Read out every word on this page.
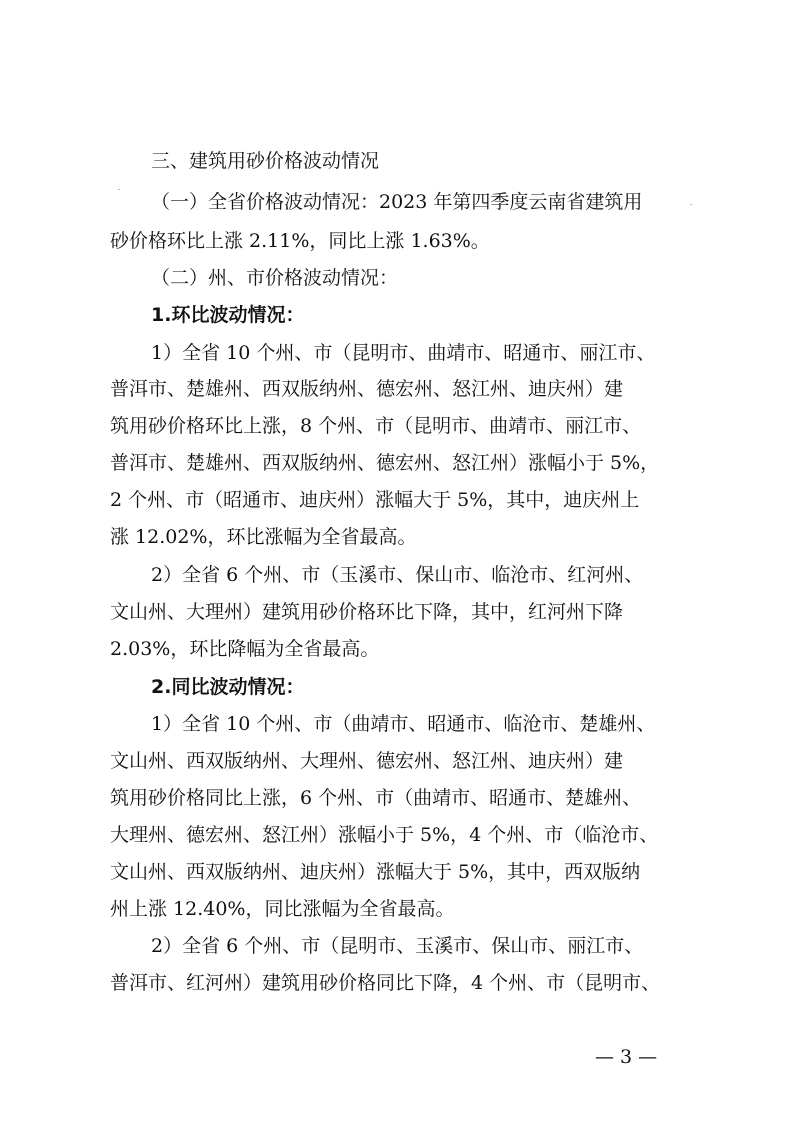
三、建筑用砂价格波动情况
（一）全省价格波动情况：2023 年第四季度云南省建筑用
砂价格环比上涨 2.11%，同比上涨 1.63%。
（二）州、市价格波动情况：
1.环比波动情况：
1）全省 10 个州、市（昆明市、曲靖市、昭通市、丽江市、
普洱市、楚雄州、西双版纳州、德宏州、怒江州、迪庆州）建
筑用砂价格环比上涨，8 个州、市（昆明市、曲靖市、丽江市、
普洱市、楚雄州、西双版纳州、德宏州、怒江州）涨幅小于 5%，
2 个州、市（昭通市、迪庆州）涨幅大于 5%，其中，迪庆州上
涨 12.02%，环比涨幅为全省最高。
2）全省 6 个州、市（玉溪市、保山市、临沧市、红河州、
文山州、大理州）建筑用砂价格环比下降，其中，红河州下降
2.03%，环比降幅为全省最高。
2.同比波动情况：
1）全省 10 个州、市（曲靖市、昭通市、临沧市、楚雄州、
文山州、西双版纳州、大理州、德宏州、怒江州、迪庆州）建
筑用砂价格同比上涨，6 个州、市（曲靖市、昭通市、楚雄州、
大理州、德宏州、怒江州）涨幅小于 5%，4 个州、市（临沧市、
文山州、西双版纳州、迪庆州）涨幅大于 5%，其中，西双版纳
州上涨 12.40%，同比涨幅为全省最高。
2）全省 6 个州、市（昆明市、玉溪市、保山市、丽江市、
普洱市、红河州）建筑用砂价格同比下降，4 个州、市（昆明市、
— 3 —
